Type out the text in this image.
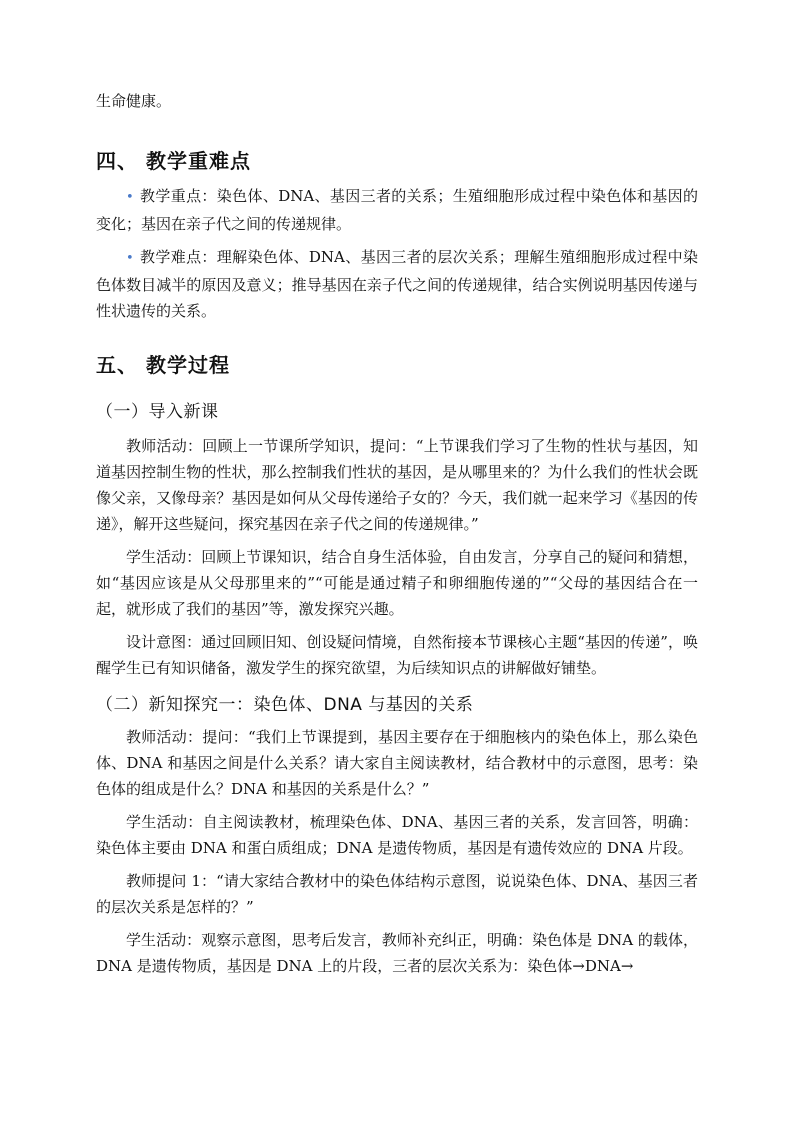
生命健康。

四、 教学重难点

• 教学重点：染色体、DNA、基因三者的关系；生殖细胞形成过程中染色体和基因的变化；基因在亲子代之间的传递规律。

• 教学难点：理解染色体、DNA、基因三者的层次关系；理解生殖细胞形成过程中染色体数目减半的原因及意义；推导基因在亲子代之间的传递规律，结合实例说明基因传递与性状遗传的关系。

五、 教学过程
（一）导入新课

教师活动：回顾上一节课所学知识，提问：“上节课我们学习了生物的性状与基因，知道基因控制生物的性状，那么控制我们性状的基因，是从哪里来的？为什么我们的性状会既像父亲，又像母亲？基因是如何从父母传递给子女的？今天，我们就一起来学习《基因的传递》，解开这些疑问，探究基因在亲子代之间的传递规律。”

学生活动：回顾上节课知识，结合自身生活体验，自由发言，分享自己的疑问和猜想，如“基因应该是从父母那里来的”“可能是通过精子和卵细胞传递的”“父母的基因结合在一起，就形成了我们的基因”等，激发探究兴趣。

设计意图：通过回顾旧知、创设疑问情境，自然衔接本节课核心主题“基因的传递”，唤醒学生已有知识储备，激发学生的探究欲望，为后续知识点的讲解做好铺垫。

（二）新知探究一：染色体、DNA 与基因的关系

教师活动：提问：“我们上节课提到，基因主要存在于细胞核内的染色体上，那么染色体、DNA 和基因之间是什么关系？请大家自主阅读教材，结合教材中的示意图，思考：染色体的组成是什么？DNA 和基因的关系是什么？”

学生活动：自主阅读教材，梳理染色体、DNA、基因三者的关系，发言回答，明确：染色体主要由 DNA 和蛋白质组成；DNA 是遗传物质，基因是有遗传效应的 DNA 片段。

教师提问 1：“请大家结合教材中的染色体结构示意图，说说染色体、DNA、基因三者的层次关系是怎样的？”

学生活动：观察示意图，思考后发言，教师补充纠正，明确：染色体是 DNA 的载体，DNA 是遗传物质，基因是 DNA 上的片段，三者的层次关系为：染色体→DNA→
